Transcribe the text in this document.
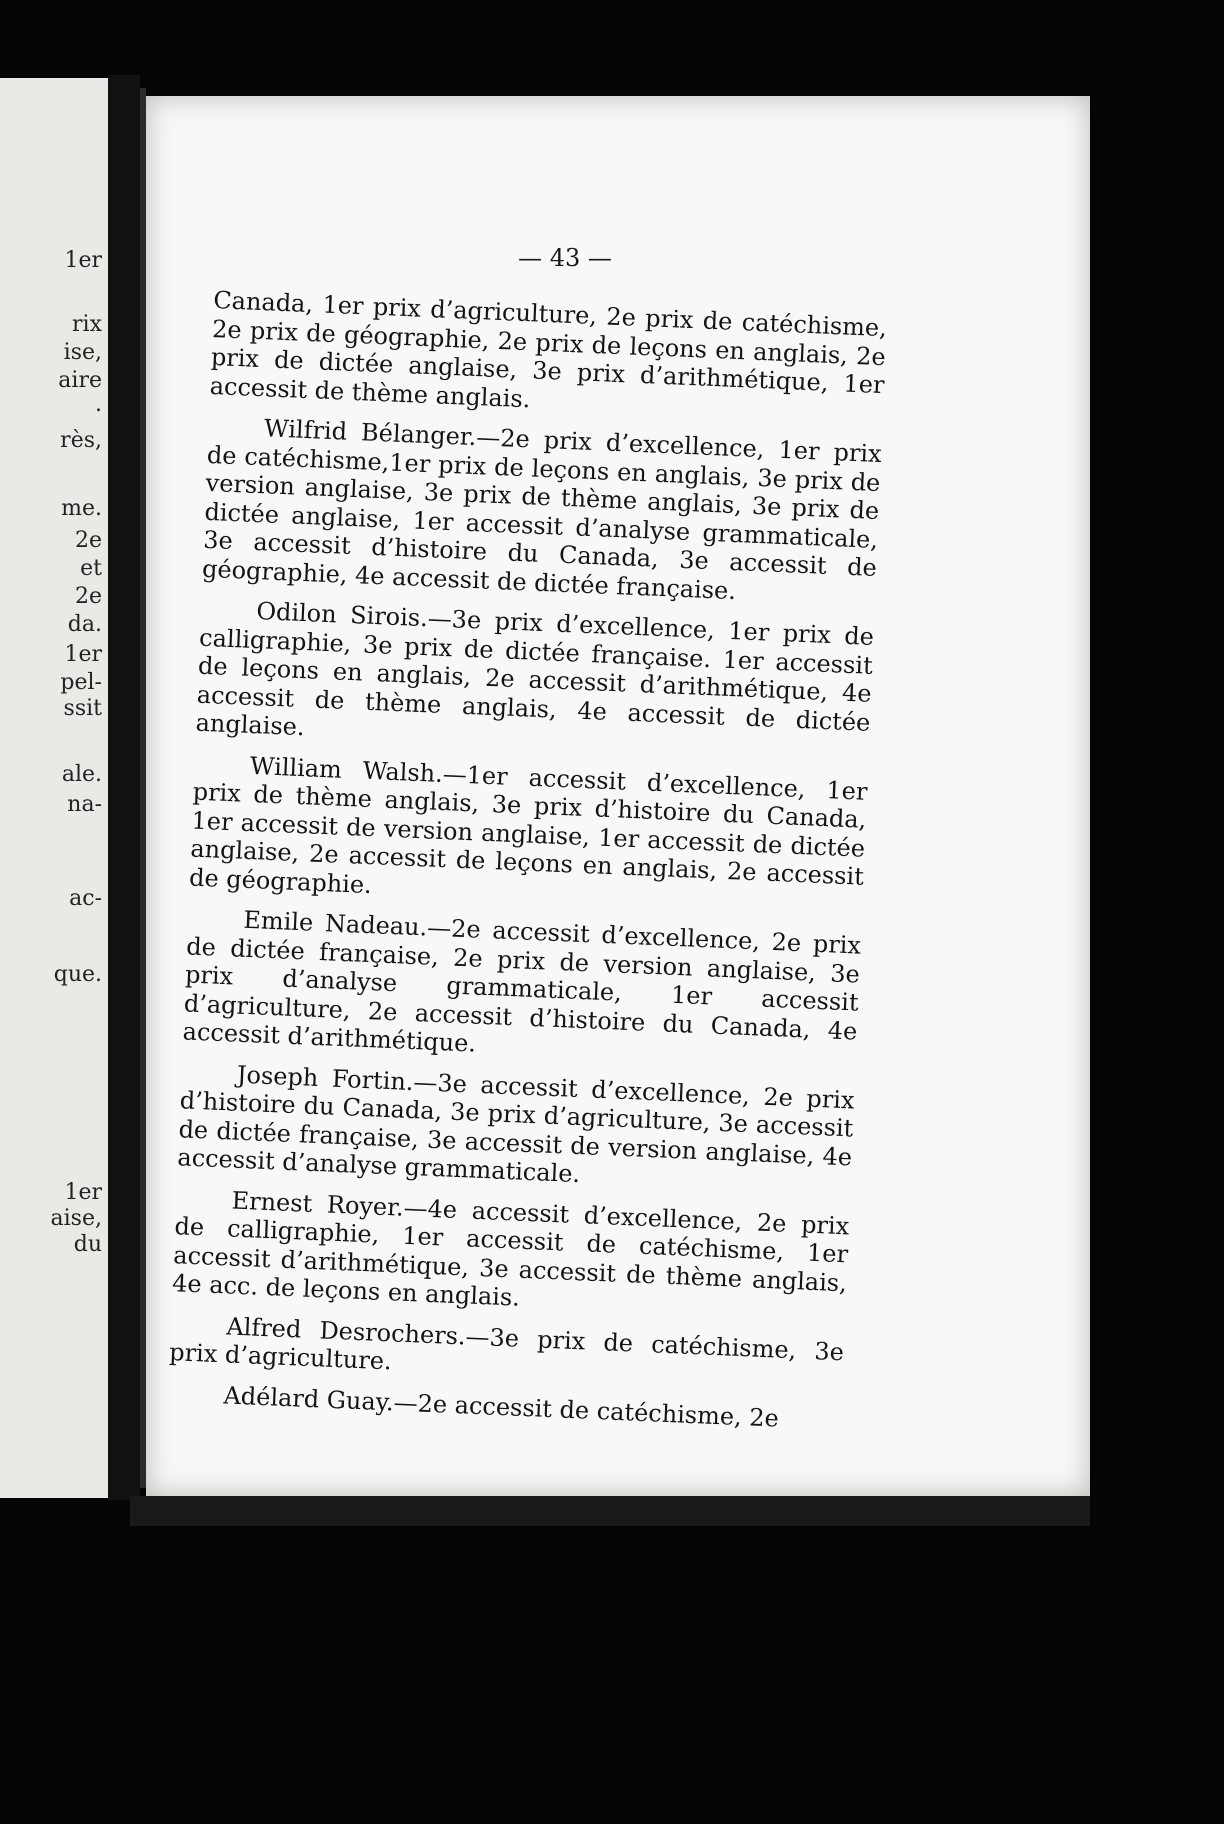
1er
rix
ise,
aire
.
rès,
me.
2e
et
2e
da.
1er
pel-
ssit
ale.
na-
ac-
que.
1er
aise,
du
— 43 —

Canada, 1er prix d’agriculture, 2e prix de catéchisme, 2e prix de géographie, 2e prix de leçons en anglais, 2e prix de dictée anglaise, 3e prix d’arithmétique, 1er accessit de thème anglais.

Wilfrid Bélanger.—2e prix d’excellence, 1er prix de catéchisme,1er prix de leçons en anglais, 3e prix de version anglaise, 3e prix de thème anglais, 3e prix de dictée anglaise, 1er accessit d’analyse grammaticale, 3e accessit d’histoire du Canada, 3e accessit de géographie, 4e accessit de dictée française.

Odilon Sirois.—3e prix d’excellence, 1er prix de calligraphie, 3e prix de dictée française. 1er accessit de leçons en anglais, 2e accessit d’arithmétique, 4e accessit de thème anglais, 4e accessit de dictée anglaise.

William Walsh.—1er accessit d’excellence, 1er prix de thème anglais, 3e prix d’histoire du Canada, 1er accessit de version anglaise, 1er accessit de dictée anglaise, 2e accessit de leçons en anglais, 2e accessit de géographie.

Emile Nadeau.—2e accessit d’excellence, 2e prix de dictée française, 2e prix de version anglaise, 3e prix d’analyse grammaticale, 1er accessit d’agriculture, 2e accessit d’histoire du Canada, 4e accessit d’arithmétique.

Joseph Fortin.—3e accessit d’excellence, 2e prix d’histoire du Canada, 3e prix d’agriculture, 3e accessit de dictée française, 3e accessit de version anglaise, 4e accessit d’analyse grammaticale.

Ernest Royer.—4e accessit d’excellence, 2e prix de calligraphie, 1er accessit de catéchisme, 1er accessit d’arithmétique, 3e accessit de thème anglais, 4e acc. de leçons en anglais.

Alfred Desrochers.—3e prix de catéchisme, 3e prix d’agriculture.

Adélard Guay.—2e accessit de catéchisme, 2e
